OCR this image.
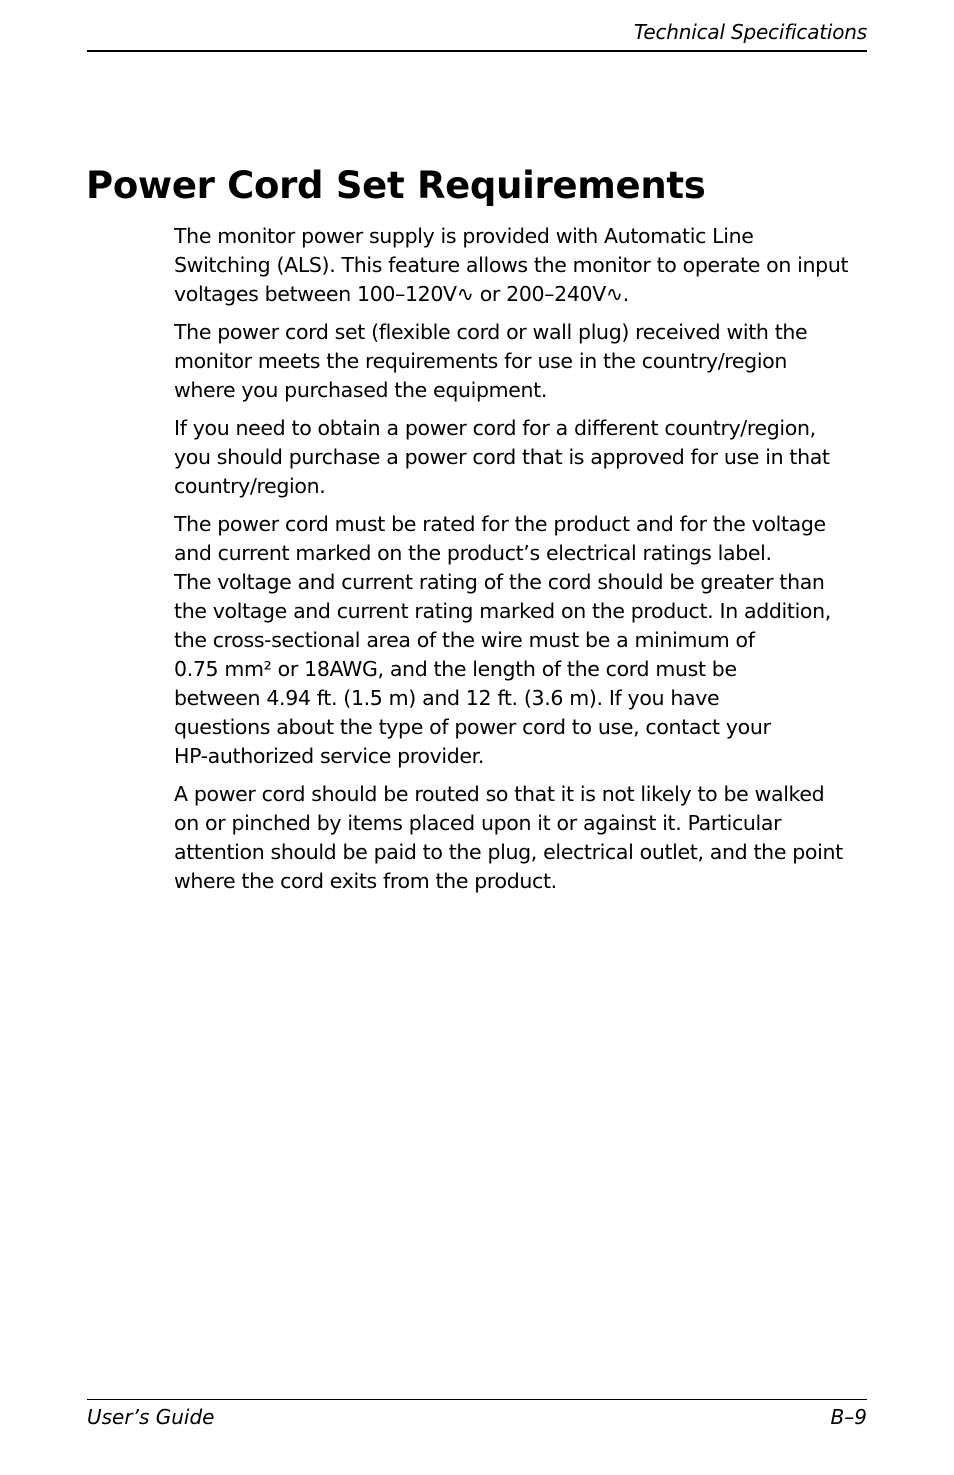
Technical Specifications
Power Cord Set Requirements

The monitor power supply is provided with Automatic Line
Switching (ALS). This feature allows the monitor to operate on input
voltages between 100–120V∿ or 200–240V∿.

The power cord set (flexible cord or wall plug) received with the
monitor meets the requirements for use in the country/region
where you purchased the equipment.

If you need to obtain a power cord for a different country/region,
you should purchase a power cord that is approved for use in that
country/region.

The power cord must be rated for the product and for the voltage
and current marked on the product’s electrical ratings label.
The voltage and current rating of the cord should be greater than
the voltage and current rating marked on the product. In addition,
the cross-sectional area of the wire must be a minimum of
0.75 mm² or 18AWG, and the length of the cord must be
between 4.94 ft. (1.5 m) and 12 ft. (3.6 m). If you have
questions about the type of power cord to use, contact your
HP-authorized service provider.

A power cord should be routed so that it is not likely to be walked
on or pinched by items placed upon it or against it. Particular
attention should be paid to the plug, electrical outlet, and the point
where the cord exits from the product.

User’s Guide	B–9
